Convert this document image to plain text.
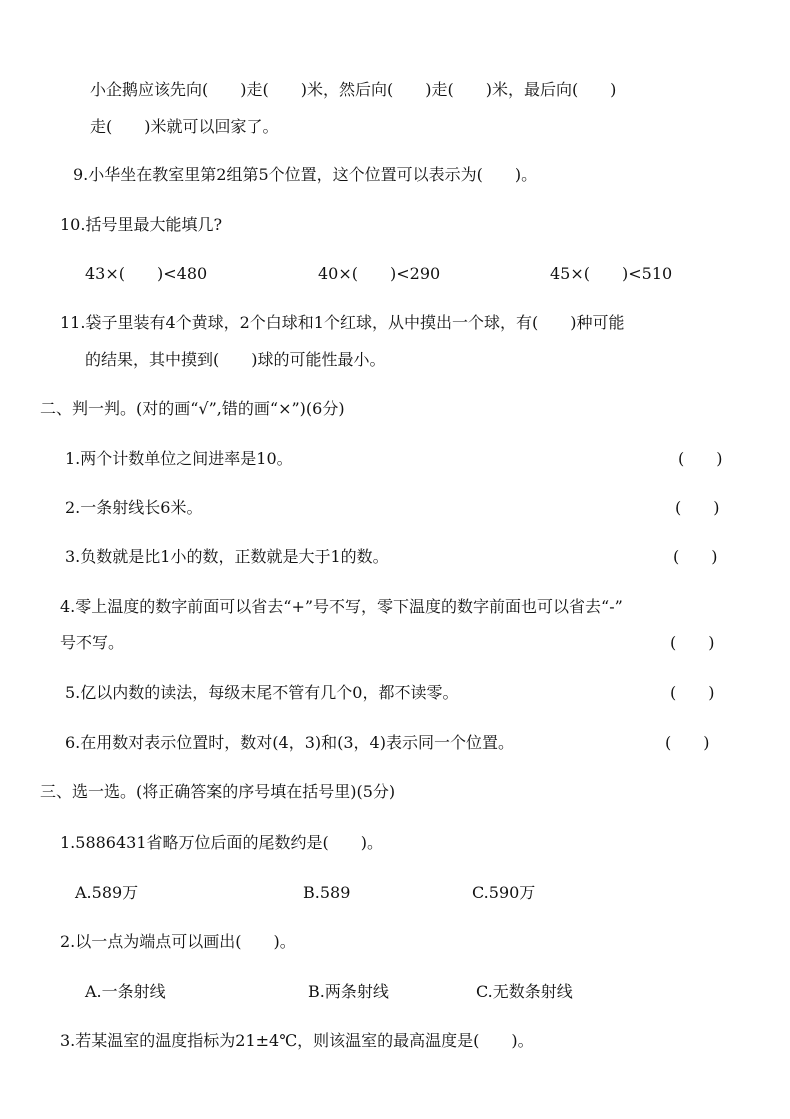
小企鹅应该先向(　　)走(　　)米，然后向(　　)走(　　)米，最后向(　　)
走(　　)米就可以回家了。
9.小华坐在教室里第2组第5个位置，这个位置可以表示为(　　)。
10.括号里最大能填几?
43×(　　)<480	40×(　　)<290	45×(　　)<510
11.袋子里装有4个黄球，2个白球和1个红球，从中摸出一个球，有(　　)种可能
的结果，其中摸到(　　)球的可能性最小。
二、判一判。(对的画“√”,错的画“×”)(6分)
1.两个计数单位之间进率是10。	(　　)
2.一条射线长6米。	(　　)
3.负数就是比1小的数，正数就是大于1的数。	(　　)
4.零上温度的数字前面可以省去“+”号不写，零下温度的数字前面也可以省去“-”
号不写。	(　　)
5.亿以内数的读法，每级末尾不管有几个0，都不读零。	(　　)
6.在用数对表示位置时，数对(4，3)和(3，4)表示同一个位置。	(　　)
三、选一选。(将正确答案的序号填在括号里)(5分)
1.5886431省略万位后面的尾数约是(　　)。
A.589万	B.589	C.590万
2.以一点为端点可以画出(　　)。
A.一条射线	B.两条射线	C.无数条射线
3.若某温室的温度指标为21±4℃，则该温室的最高温度是(　　)。
